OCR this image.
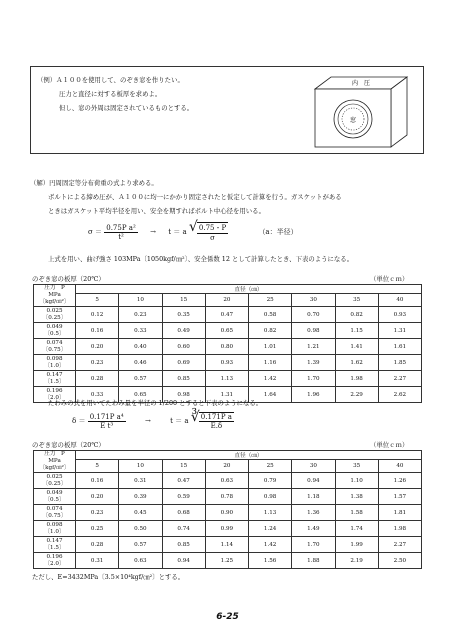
（例）Ａ１００を使用して、のぞき窓を作りたい。
圧力と直径に対する板厚を求めよ。
但し、窓の外周は固定されているものとする。
窓
内　圧
（解）円周固定等分布荷重の式より求める。
ボルトによる締め圧が、Ａ１００に均一にかかり固定されたと仮定して計算を行う。ガスケットがある
ときはガスケット平均半径を用い、安全を期すればボルト中心径を用いる。
$\sigma = \frac{\text{0.75P a²}}{\text{t²}} \to t = a$ √ $\frac{0.75・P}{\sigma}$	（a：半径）
上式を用い、曲げ強さ 103MPa〔1050kgf/㎝²〕、安全係数 12 として計算したとき、下表のようになる。
のぞき窓の板厚（20℃）	（単位ｃｍ）
圧力　P
MPa
〔kgf/㎝²〕	直径（㎝）							
	5	10	15	20	25	30	35	40

0.025
〔0.25〕	0.12	0.23	0.35	0.47	0.58	0.70	0.82	0.93

0.049
〔0.5〕	0.16	0.33	0.49	0.65	0.82	0.98	1.15	1.31

0.074
〔0.75〕	0.20	0.40	0.60	0.80	1.01	1.21	1.41	1.61

0.098
〔1.0〕	0.23	0.46	0.69	0.93	1.16	1.39	1.62	1.85

0.147
〔1.5〕	0.28	0.57	0.85	1.13	1.42	1.70	1.98	2.27

0.196
〔2.0〕	0.33	0.65	0.98	1.31	1.64	1.96	2.29	2.62
たわみの式を用いてたわみ量を半径の 1/200 とすると下表のようになる。
$\delta = \frac{\text{0.171P a⁴}}{\text{E t³}}$	→	t ＝ a ∛ $\frac{\text{0.171P a}}{E.\delta}$
のぞき窓の板厚（20℃）	（単位ｃｍ）
圧力　P
MPa
〔kgf/㎝²〕	直径（㎝）							
	5	10	15	20	25	30	35	40

0.025
〔0.25〕	0.16	0.31	0.47	0.63	0.79	0.94	1.10	1.26

0.049
〔0.5〕	0.20	0.39	0.59	0.78	0.98	1.18	1.38	1.57

0.074
〔0.75〕	0.23	0.45	0.68	0.90	1.13	1.36	1.58	1.81

0.098
〔1.0〕	0.25	0.50	0.74	0.99	1.24	1.49	1.74	1.98

0.147
〔1.5〕	0.28	0.57	0.85	1.14	1.42	1.70	1.99	2.27

0.196
〔2.0〕	0.31	0.63	0.94	1.25	1.56	1.88	2.19	2.50
ただし、E=3432MPa〔3.5×10⁴kgf/㎝²〕とする。
6-25
